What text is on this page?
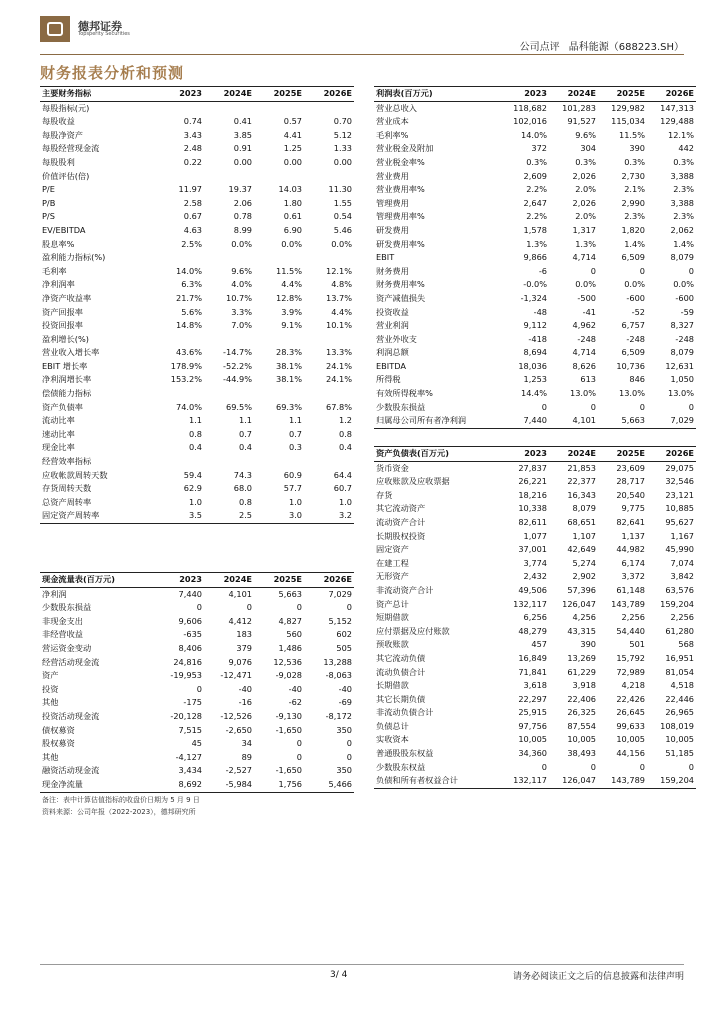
德邦证券
Topsperity Securities
公司点评 晶科能源（688223.SH）
财务报表分析和预测
主要财务指标	2023	2024E	2025E	2026E
每股指标(元)				
每股收益	0.74	0.41	0.57	0.70
每股净资产	3.43	3.85	4.41	5.12
每股经营现金流	2.48	0.91	1.25	1.33
每股股利	0.22	0.00	0.00	0.00
价值评估(倍)				
P/E	11.97	19.37	14.03	11.30
P/B	2.58	2.06	1.80	1.55
P/S	0.67	0.78	0.61	0.54
EV/EBITDA	4.63	8.99	6.90	5.46
股息率%	2.5%	0.0%	0.0%	0.0%
盈利能力指标(%)				
毛利率	14.0%	9.6%	11.5%	12.1%
净利润率	6.3%	4.0%	4.4%	4.8%
净资产收益率	21.7%	10.7%	12.8%	13.7%
资产回报率	5.6%	3.3%	3.9%	4.4%
投资回报率	14.8%	7.0%	9.1%	10.1%
盈利增长(%)				
营业收入增长率	43.6%	-14.7%	28.3%	13.3%
EBIT 增长率	178.9%	-52.2%	38.1%	24.1%
净利润增长率	153.2%	-44.9%	38.1%	24.1%
偿债能力指标				
资产负债率	74.0%	69.5%	69.3%	67.8%
流动比率	1.1	1.1	1.1	1.2
速动比率	0.8	0.7	0.7	0.8
现金比率	0.4	0.4	0.3	0.4
经营效率指标				
应收帐款周转天数	59.4	74.3	60.9	64.4
存货周转天数	62.9	68.0	57.7	60.7
总资产周转率	1.0	0.8	1.0	1.0
固定资产周转率	3.5	2.5	3.0	3.2
现金流量表(百万元)	2023	2024E	2025E	2026E
净利润	7,440	4,101	5,663	7,029
少数股东损益	0	0	0	0
非现金支出	9,606	4,412	4,827	5,152
非经营收益	-635	183	560	602
营运资金变动	8,406	379	1,486	505
经营活动现金流	24,816	9,076	12,536	13,288
资产	-19,953	-12,471	-9,028	-8,063
投资	0	-40	-40	-40
其他	-175	-16	-62	-69
投资活动现金流	-20,128	-12,526	-9,130	-8,172
债权募资	7,515	-2,650	-1,650	350
股权募资	45	34	0	0
其他	-4,127	89	0	0
融资活动现金流	3,434	-2,527	-1,650	350
现金净流量	8,692	-5,984	1,756	5,466
利润表(百万元)	2023	2024E	2025E	2026E
营业总收入	118,682	101,283	129,982	147,313
营业成本	102,016	91,527	115,034	129,488
毛利率%	14.0%	9.6%	11.5%	12.1%
营业税金及附加	372	304	390	442
营业税金率%	0.3%	0.3%	0.3%	0.3%
营业费用	2,609	2,026	2,730	3,388
营业费用率%	2.2%	2.0%	2.1%	2.3%
管理费用	2,647	2,026	2,990	3,388
管理费用率%	2.2%	2.0%	2.3%	2.3%
研发费用	1,578	1,317	1,820	2,062
研发费用率%	1.3%	1.3%	1.4%	1.4%
EBIT	9,866	4,714	6,509	8,079
财务费用	-6	0	0	0
财务费用率%	-0.0%	0.0%	0.0%	0.0%
资产减值损失	-1,324	-500	-600	-600
投资收益	-48	-41	-52	-59
营业利润	9,112	4,962	6,757	8,327
营业外收支	-418	-248	-248	-248
利润总额	8,694	4,714	6,509	8,079
EBITDA	18,036	8,626	10,736	12,631
所得税	1,253	613	846	1,050
有效所得税率%	14.4%	13.0%	13.0%	13.0%
少数股东损益	0	0	0	0
归属母公司所有者净利润	7,440	4,101	5,663	7,029
资产负债表(百万元)	2023	2024E	2025E	2026E
货币资金	27,837	21,853	23,609	29,075
应收账款及应收票据	26,221	22,377	28,717	32,546
存货	18,216	16,343	20,540	23,121
其它流动资产	10,338	8,079	9,775	10,885
流动资产合计	82,611	68,651	82,641	95,627
长期股权投资	1,077	1,107	1,137	1,167
固定资产	37,001	42,649	44,982	45,990
在建工程	3,774	5,274	6,174	7,074
无形资产	2,432	2,902	3,372	3,842
非流动资产合计	49,506	57,396	61,148	63,576
资产总计	132,117	126,047	143,789	159,204
短期借款	6,256	4,256	2,256	2,256
应付票据及应付账款	48,279	43,315	54,440	61,280
预收账款	457	390	501	568
其它流动负债	16,849	13,269	15,792	16,951
流动负债合计	71,841	61,229	72,989	81,054
长期借款	3,618	3,918	4,218	4,518
其它长期负债	22,297	22,406	22,426	22,446
非流动负债合计	25,915	26,325	26,645	26,965
负债总计	97,756	87,554	99,633	108,019
实收资本	10,005	10,005	10,005	10,005
普通股股东权益	34,360	38,493	44,156	51,185
少数股东权益	0	0	0	0
负债和所有者权益合计	132,117	126,047	143,789	159,204
备注：表中计算估值指标的收盘价日期为 5 月 9 日
资料来源：公司年报（2022-2023），德邦研究所
3/ 4	请务必阅读正文之后的信息披露和法律声明
